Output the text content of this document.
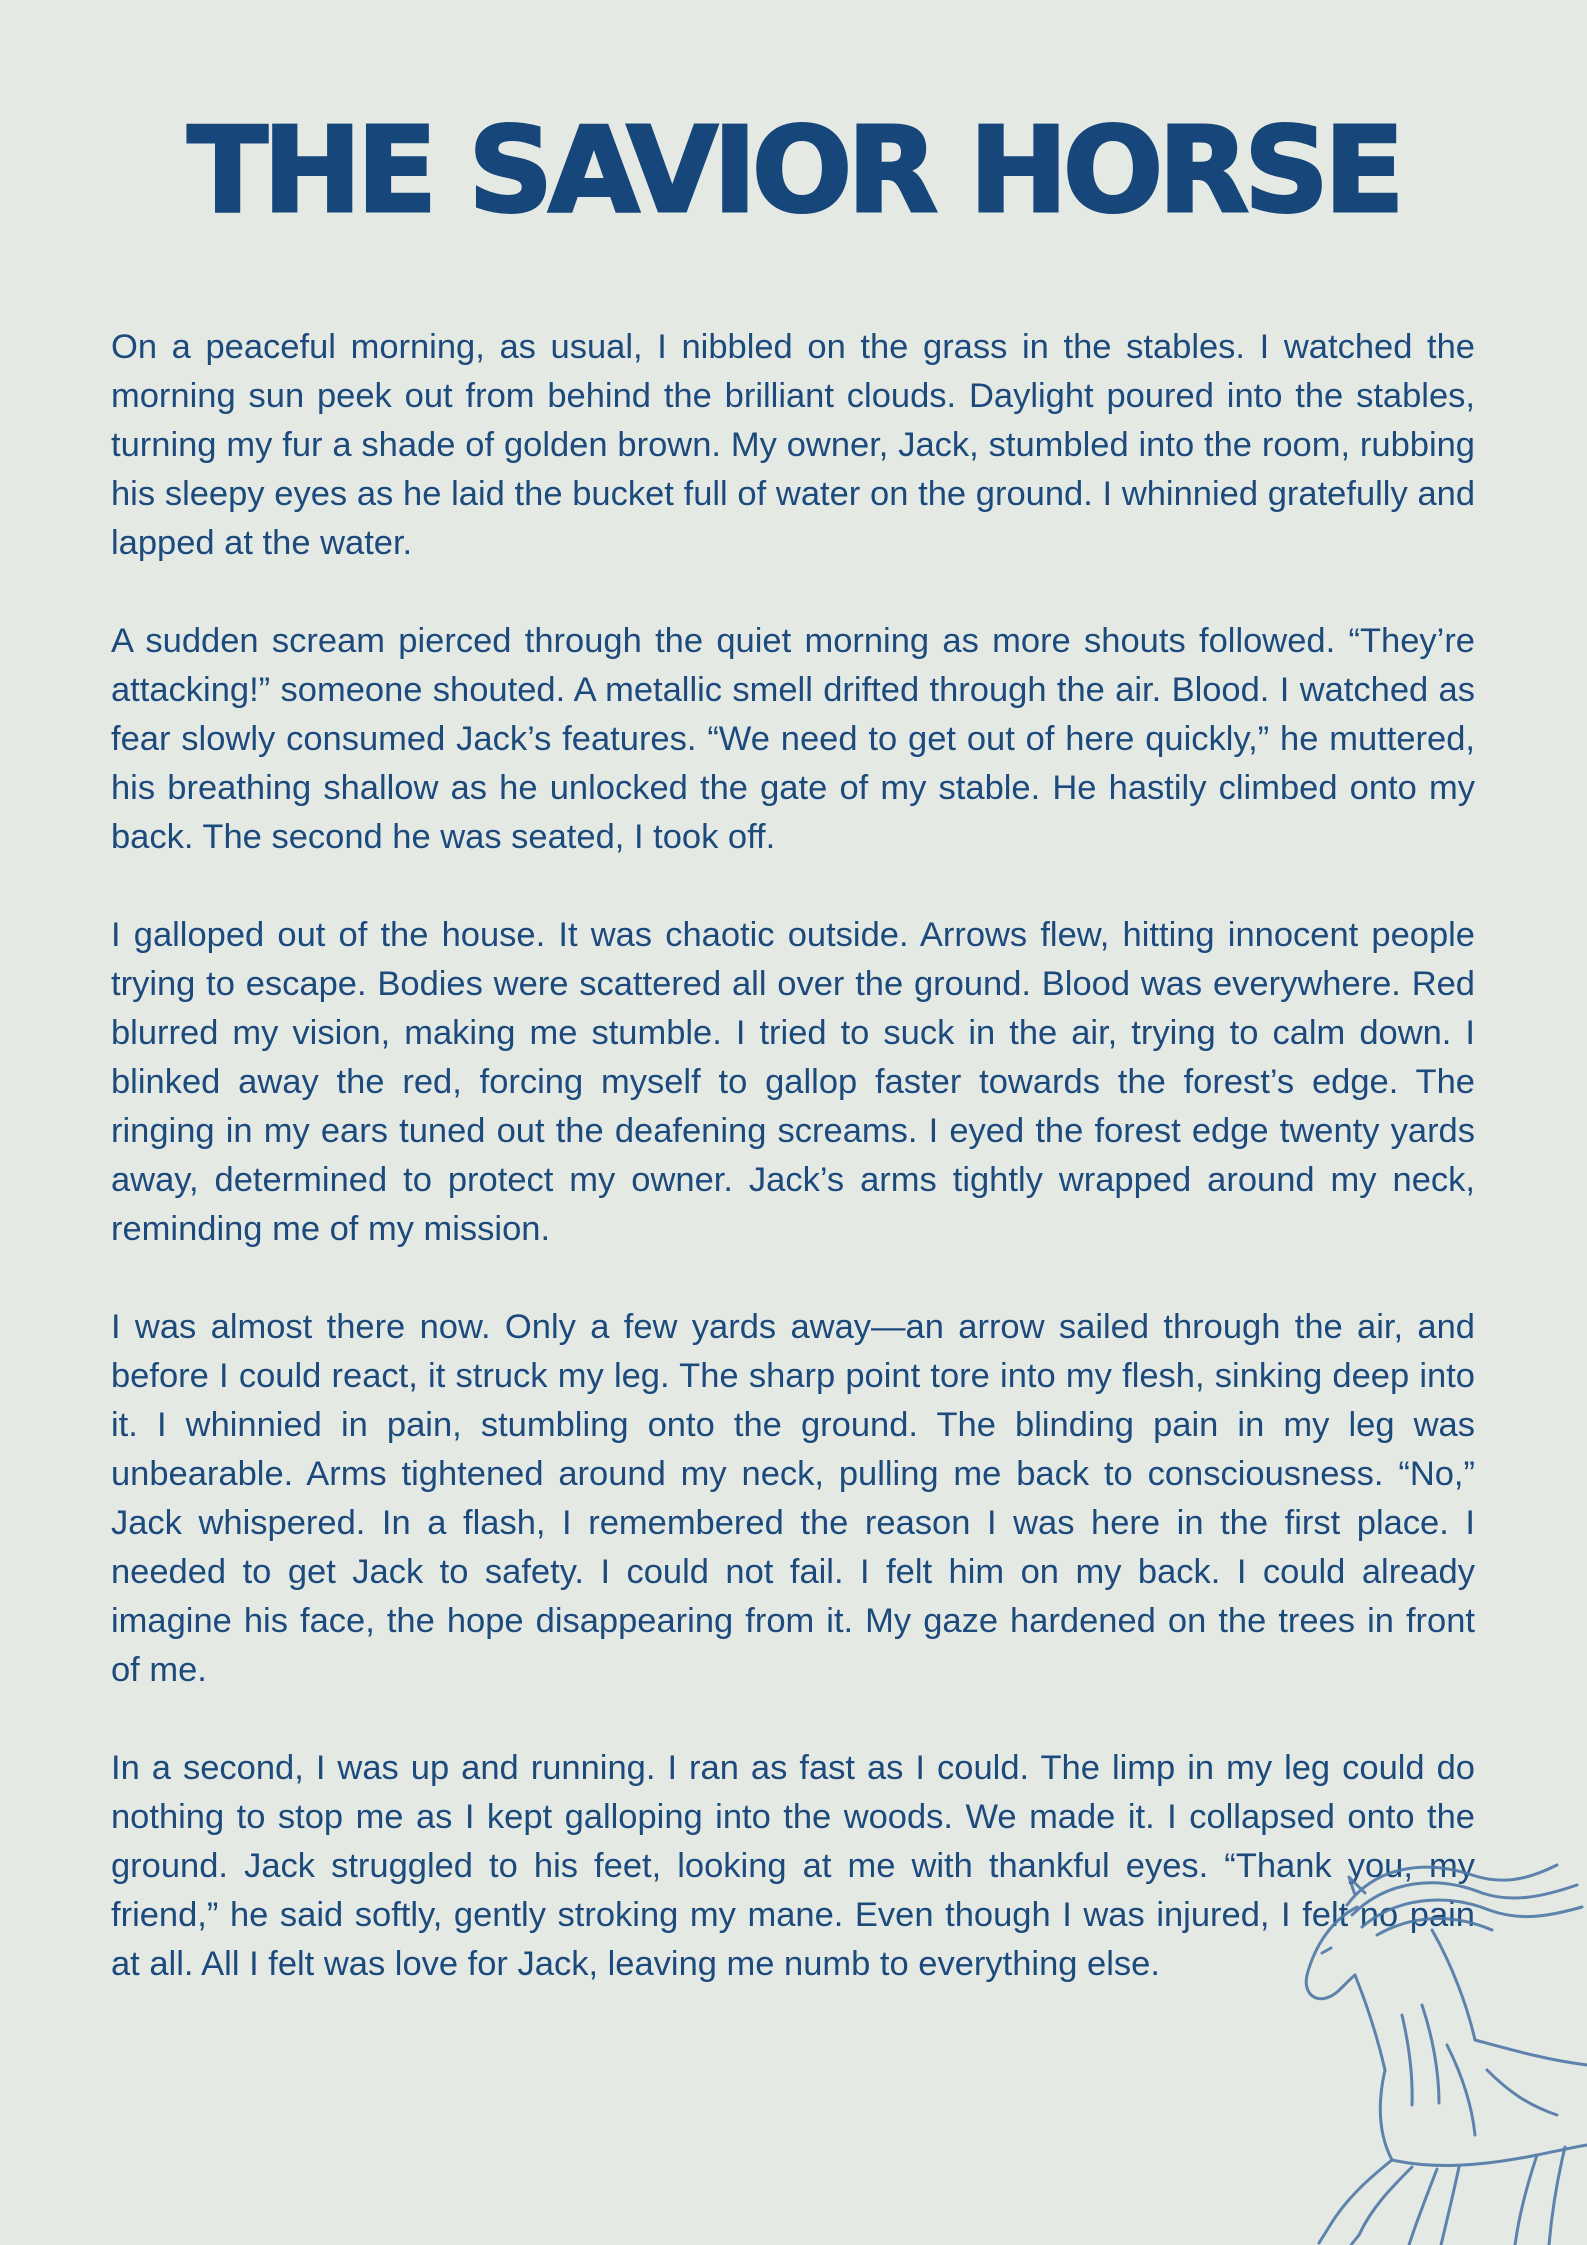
THE SAVIOR HORSE

On a peaceful morning, as usual, I nibbled on the grass in the stables. I watched the morning sun peek out from behind the brilliant clouds. Daylight poured into the stables, turning my fur a shade of golden brown. My owner, Jack, stumbled into the room, rubbing his sleepy eyes as he laid the bucket full of water on the ground. I whinnied gratefully and lapped at the water.

A sudden scream pierced through the quiet morning as more shouts followed. “They’re attacking!” someone shouted. A metallic smell drifted through the air. Blood. I watched as fear slowly consumed Jack’s features. “We need to get out of here quickly,” he muttered, his breathing shallow as he unlocked the gate of my stable. He hastily climbed onto my back. The second he was seated, I took off.

I galloped out of the house. It was chaotic outside. Arrows flew, hitting innocent people trying to escape. Bodies were scattered all over the ground. Blood was everywhere. Red blurred my vision, making me stumble. I tried to suck in the air, trying to calm down. I blinked away the red, forcing myself to gallop faster towards the forest’s edge. The ringing in my ears tuned out the deafening screams. I eyed the forest edge twenty yards away, determined to protect my owner. Jack’s arms tightly wrapped around my neck, reminding me of my mission.

I was almost there now. Only a few yards away—an arrow sailed through the air, and before I could react, it struck my leg. The sharp point tore into my flesh, sinking deep into it. I whinnied in pain, stumbling onto the ground. The blinding pain in my leg was unbearable. Arms tightened around my neck, pulling me back to consciousness. “No,” Jack whispered. In a flash, I remembered the reason I was here in the first place. I needed to get Jack to safety. I could not fail. I felt him on my back. I could already imagine his face, the hope disappearing from it. My gaze hardened on the trees in front of me.

In a second, I was up and running. I ran as fast as I could. The limp in my leg could do nothing to stop me as I kept galloping into the woods. We made it. I collapsed onto the ground. Jack struggled to his feet, looking at me with thankful eyes. “Thank you, my friend,” he said softly, gently stroking my mane. Even though I was injured, I felt no pain at all. All I felt was love for Jack, leaving me numb to everything else.
